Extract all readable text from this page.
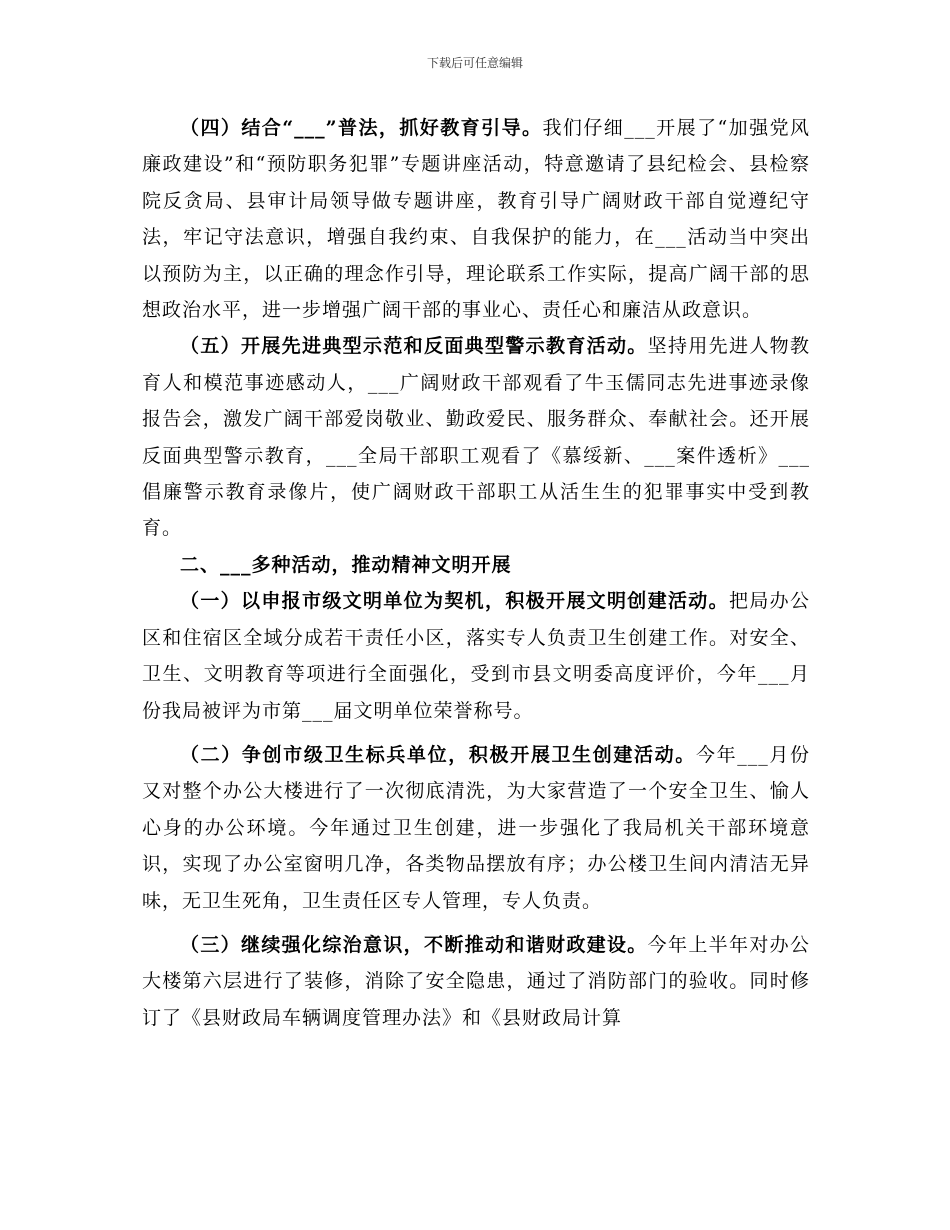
下载后可任意编辑

（四）结合“___”普法，抓好教育引导。我们仔细___开展了“加强党风廉政建设”和“预防职务犯罪”专题讲座活动，特意邀请了县纪检会、县检察院反贪局、县审计局领导做专题讲座，教育引导广阔财政干部自觉遵纪守法，牢记守法意识，增强自我约束、自我保护的能力，在___活动当中突出以预防为主，以正确的理念作引导，理论联系工作实际，提高广阔干部的思想政治水平，进一步增强广阔干部的事业心、责任心和廉洁从政意识。

（五）开展先进典型示范和反面典型警示教育活动。坚持用先进人物教育人和模范事迹感动人，___广阔财政干部观看了牛玉儒同志先进事迹录像报告会，激发广阔干部爱岗敬业、勤政爱民、服务群众、奉献社会。还开展反面典型警示教育，___全局干部职工观看了《慕绥新、___案件透析》___倡廉警示教育录像片，使广阔财政干部职工从活生生的犯罪事实中受到教育。

二、___多种活动，推动精神文明开展

（一）以申报市级文明单位为契机，积极开展文明创建活动。把局办公区和住宿区全域分成若干责任小区，落实专人负责卫生创建工作。对安全、卫生、文明教育等项进行全面强化，受到市县文明委高度评价，今年___月份我局被评为市第___届文明单位荣誉称号。

（二）争创市级卫生标兵单位，积极开展卫生创建活动。今年___月份又对整个办公大楼进行了一次彻底清洗，为大家营造了一个安全卫生、愉人心身的办公环境。今年通过卫生创建，进一步强化了我局机关干部环境意识，实现了办公室窗明几净，各类物品摆放有序；办公楼卫生间内清洁无异味，无卫生死角，卫生责任区专人管理，专人负责。

（三）继续强化综治意识，不断推动和谐财政建设。今年上半年对办公大楼第六层进行了装修，消除了安全隐患，通过了消防部门的验收。同时修订了《县财政局车辆调度管理办法》和《县财政局计算
